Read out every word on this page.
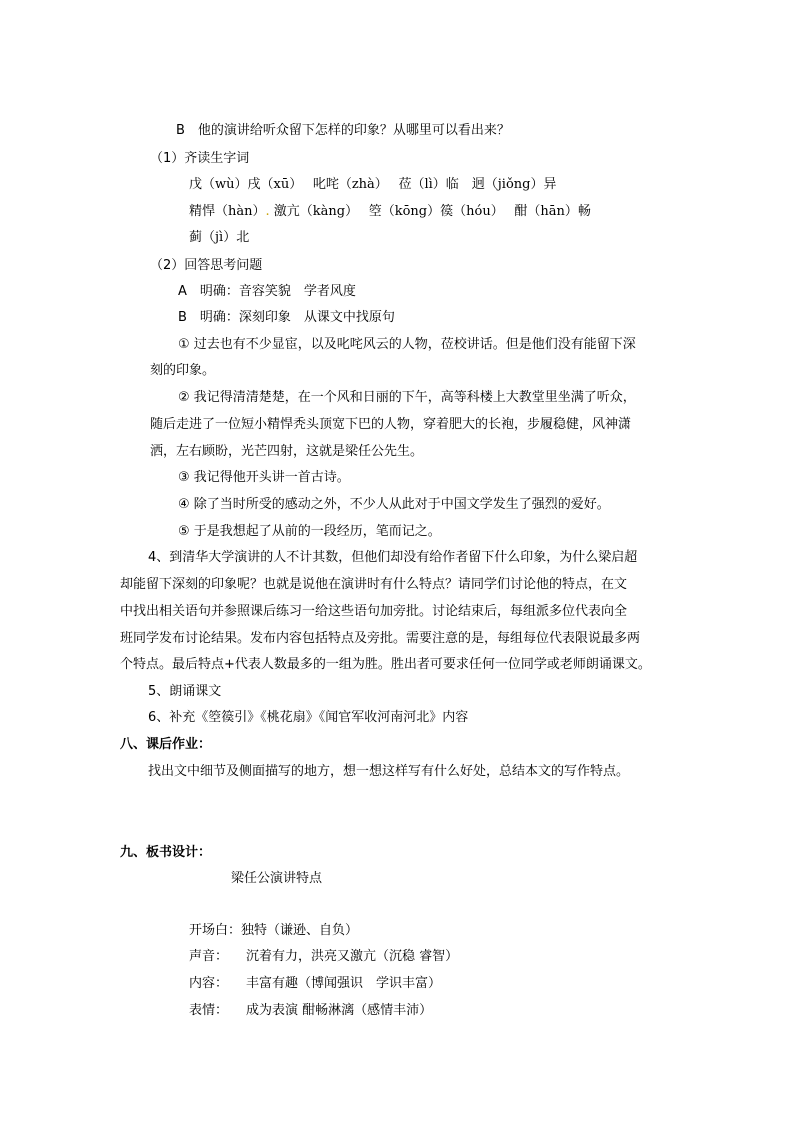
B　他的演讲给听众留下怎样的印象？从哪里可以看出来？
（1）齐读生字词
戊（wù）戌（xū）　 叱咤（zhà）　 莅（lì）临　迥（jiǒng）异
精悍（hàn）. 激亢（kàng）　 箜（kōng）篌（hóu）　 酣（hān）畅
蓟（jì）北
（2）回答思考问题
A　明确：音容笑貌　学者风度
B　明确：深刻印象　从课文中找原句
① 过去也有不少显宦，以及叱咤风云的人物，莅校讲话。但是他们没有能留下深
刻的印象。
② 我记得清清楚楚，在一个风和日丽的下午，高等科楼上大教堂里坐满了听众，
随后走进了一位短小精悍秃头顶宽下巴的人物，穿着肥大的长袍，步履稳健，风神潇
洒，左右顾盼，光芒四射，这就是梁任公先生。
③ 我记得他开头讲一首古诗。
④ 除了当时所受的感动之外，不少人从此对于中国文学发生了强烈的爱好。
⑤ 于是我想起了从前的一段经历，笔而记之。
4、到清华大学演讲的人不计其数，但他们却没有给作者留下什么印象，为什么梁启超
却能留下深刻的印象呢？也就是说他在演讲时有什么特点？请同学们讨论他的特点，在文
中找出相关语句并参照课后练习一给这些语句加旁批。讨论结束后，每组派多位代表向全
班同学发布讨论结果。发布内容包括特点及旁批。需要注意的是，每组每位代表限说最多两
个特点。最后特点+代表人数最多的一组为胜。胜出者可要求任何一位同学或老师朗诵课文。
5、朗诵课文
6、补充《箜篌引》《桃花扇》《闻官军收河南河北》内容
八、课后作业：
找出文中细节及侧面描写的地方，想一想这样写有什么好处，总结本文的写作特点。
九、板书设计：
梁任公演讲特点
开场白：独特（谦逊、自负）
声音： 沉着有力，洪亮又激亢（沉稳 睿智）
内容： 丰富有趣（博闻强识　学识丰富）
表情： 成为表演 酣畅淋漓（感情丰沛）
